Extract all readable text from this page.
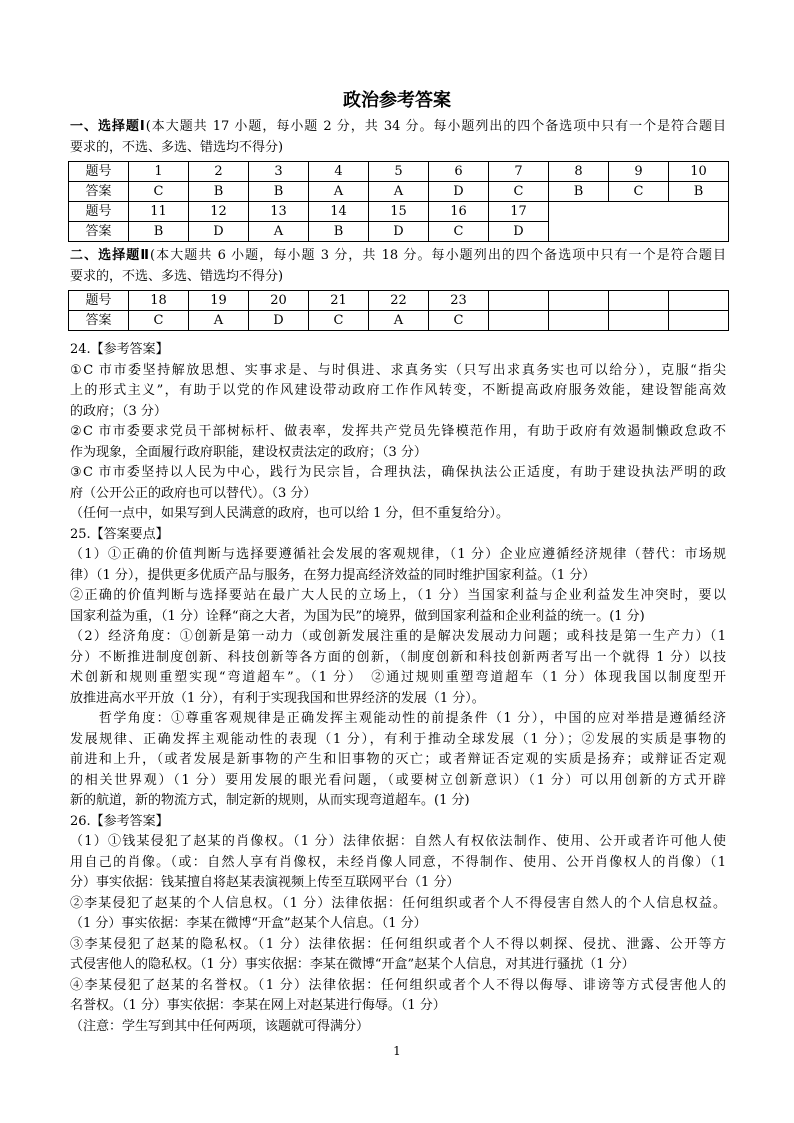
政治参考答案
一、选择题Ⅰ(本大题共 17 小题，每小题 2 分，共 34 分。每小题列出的四个备选项中只有一个是符合题目
要求的，不选、多选、错选均不得分)
题号	1	2	3	4	5	6	7	8	9	10
答案	C	B	B	A	A	D	C	B	C	B
题号	11	12	13	14	15	16	17			
答案	B	D	A	B	D	C	D			
二、选择题Ⅱ(本大题共 6 小题，每小题 3 分，共 18 分。每小题列出的四个备选项中只有一个是符合题目
要求的，不选、多选、错选均不得分)
题号	18	19	20	21	22	23				
答案	C	A	D	C	A	C				
24.【参考答案】
①C 市市委坚持解放思想、实事求是、与时俱进、求真务实（只写出求真务实也可以给分），克服“指尖
上的形式主义”，有助于以党的作风建设带动政府工作作风转变，不断提高政府服务效能，建设智能高效
的政府；（3 分）
②C 市市委要求党员干部树标杆、做表率，发挥共产党员先锋模范作用，有助于政府有效遏制懒政怠政不
作为现象，全面履行政府职能，建设权责法定的政府；（3 分）
③C 市市委坚持以人民为中心，践行为民宗旨，合理执法，确保执法公正适度，有助于建设执法严明的政
府（公开公正的政府也可以替代）。（3 分）
（任何一点中，如果写到人民满意的政府，也可以给 1 分，但不重复给分）。
25.【答案要点】
（1）①正确的价值判断与选择要遵循社会发展的客观规律，（1 分）企业应遵循经济规律（替代：市场规
律）（1 分），提供更多优质产品与服务，在努力提高经济效益的同时维护国家利益。（1 分）
②正确的价值判断与选择要站在最广大人民的立场上，（1 分）当国家利益与企业利益发生冲突时，要以
国家利益为重，（1 分）诠释“商之大者，为国为民”的境界，做到国家利益和企业利益的统一。(1 分)
（2）经济角度：①创新是第一动力（或创新发展注重的是解决发展动力问题；或科技是第一生产力）（1
分）不断推进制度创新、科技创新等各方面的创新，（制度创新和科技创新两者写出一个就得 1 分）以技
术创新和规则重塑实现“弯道超车”。（1 分）　②通过规则重塑弯道超车（1 分）体现我国以制度型开
放推进高水平开放（1 分），有利于实现我国和世界经济的发展（1 分）。
　　哲学角度：①尊重客观规律是正确发挥主观能动性的前提条件（1 分），中国的应对举措是遵循经济
发展规律、正确发挥主观能动性的表现（1 分），有利于推动全球发展（1 分）；②发展的实质是事物的
前进和上升，（或者发展是新事物的产生和旧事物的灭亡；或者辩证否定观的实质是扬弃；或辩证否定观
的相关世界观）（1 分）要用发展的眼光看问题，（或要树立创新意识）（1 分）可以用创新的方式开辟
新的航道，新的物流方式，制定新的规则，从而实现弯道超车。(1 分)
26.【参考答案】
（1）①钱某侵犯了赵某的肖像权。（1 分）法律依据：自然人有权依法制作、使用、公开或者许可他人使
用自己的肖像。（或：自然人享有肖像权，未经肖像人同意，不得制作、使用、公开肖像权人的肖像）（1
分）事实依据：钱某擅自将赵某表演视频上传至互联网平台（1 分）
②李某侵犯了赵某的个人信息权。（1 分）法律依据：任何组织或者个人不得侵害自然人的个人信息权益。
（1 分）事实依据：李某在微博“开盒”赵某个人信息。（1 分）
③李某侵犯了赵某的隐私权。（1 分）法律依据：任何组织或者个人不得以刺探、侵扰、泄露、公开等方
式侵害他人的隐私权。（1 分）事实依据：李某在微博“开盒”赵某个人信息，对其进行骚扰（1 分）
④李某侵犯了赵某的名誉权。（1 分）法律依据：任何组织或者个人不得以侮辱、诽谤等方式侵害他人的
名誉权。（1 分）事实依据：李某在网上对赵某进行侮辱。（1 分）
（注意：学生写到其中任何两项，该题就可得满分）
1
